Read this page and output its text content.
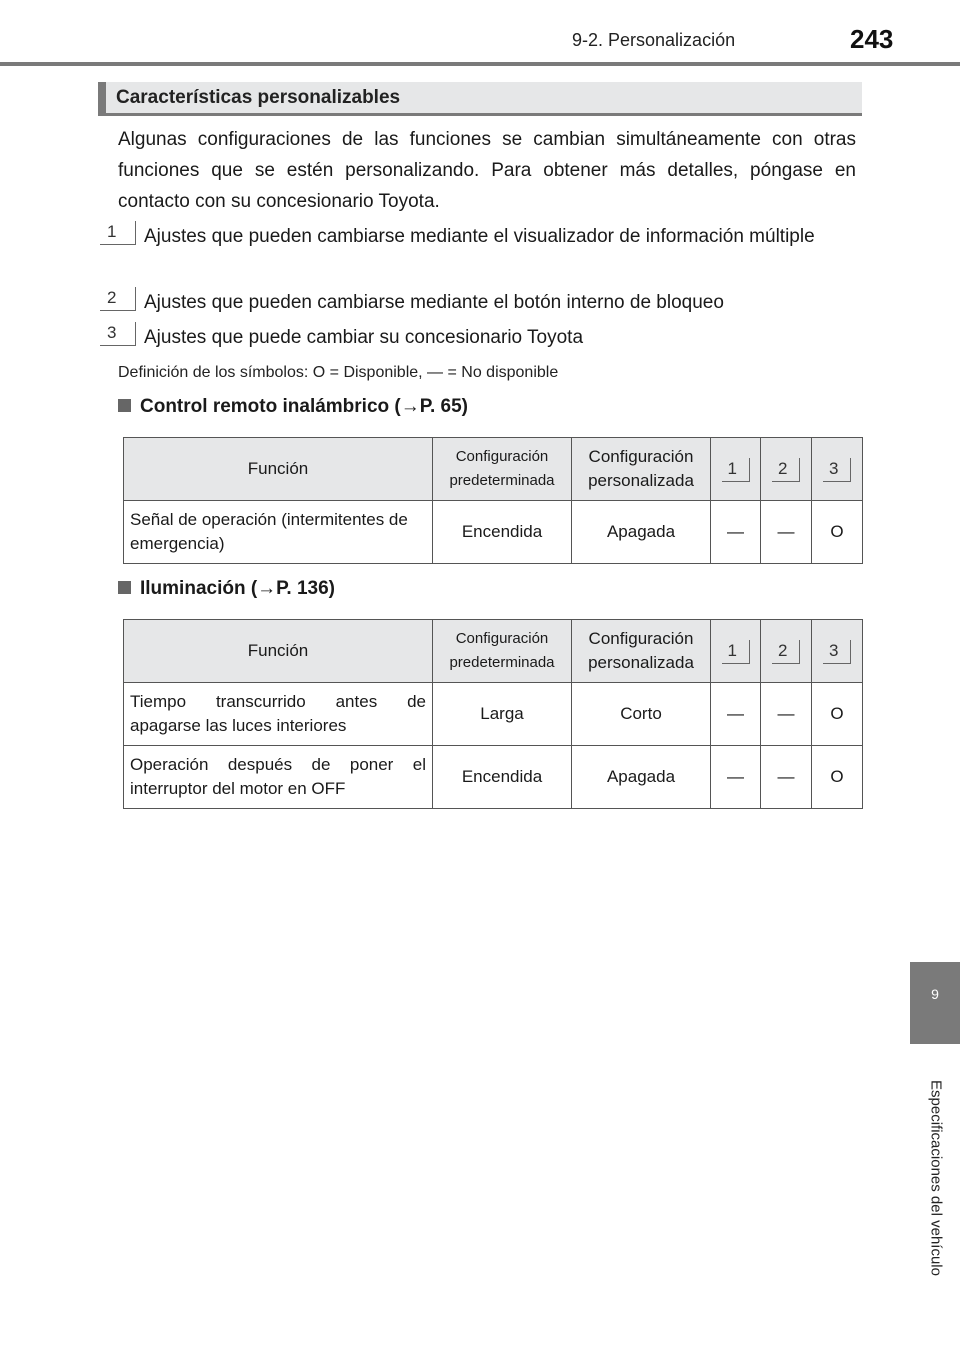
9-2. Personalización	243
Características personalizables

Algunas configuraciones de las funciones se cambian simultáneamente con otras funciones que se estén personalizando. Para obtener más detalles, póngase en contacto con su concesionario Toyota.

1	Ajustes que pueden cambiarse mediante el visualizador de información múltiple
2	Ajustes que pueden cambiarse mediante el botón interno de bloqueo
3	Ajustes que puede cambiar su concesionario Toyota
Definición de los símbolos: O = Disponible, — = No disponible
Control remoto inalámbrico (→P. 65)
Función	Configuración predeterminada	Configuración personalizada	1	2	3
Señal de operación (intermitentes de emergencia)	Encendida	Apagada	—	—	O
Iluminación (→P. 136)
Función	Configuración predeterminada	Configuración personalizada	1	2	3
Tiempo transcurrido antes de apagarse las luces interiores	Larga	Corto	—	—	O
Operación después de poner el interruptor del motor en OFF	Encendida	Apagada	—	—	O
9
Especificaciones del vehículo
